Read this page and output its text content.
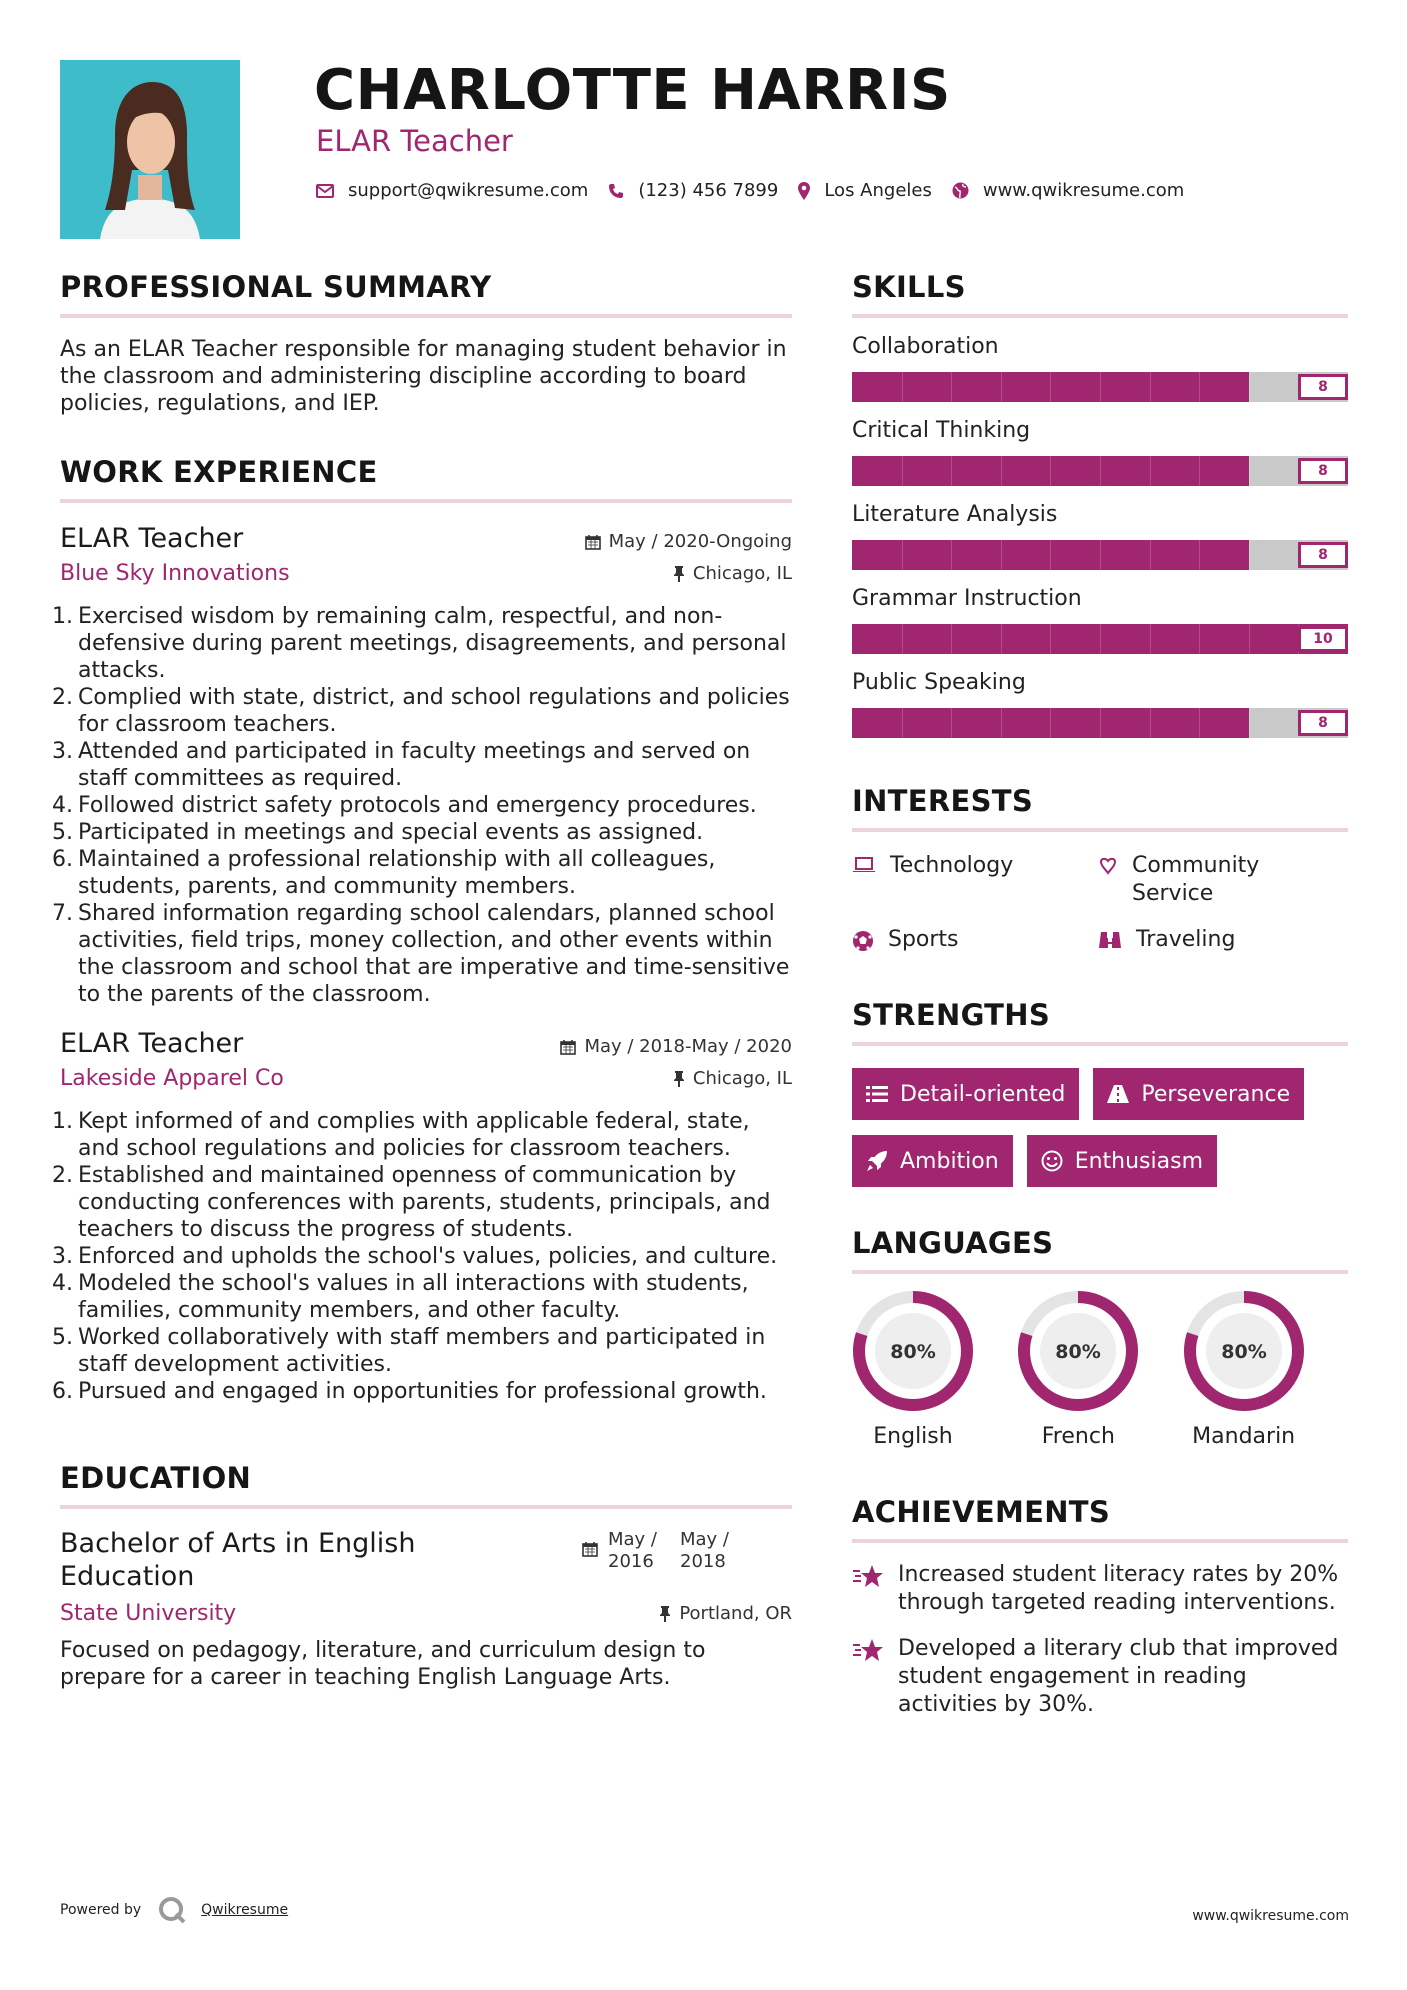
CHARLOTTE HARRIS
ELAR Teacher
support@qwikresume.com	(123) 456 7899	Los Angeles	www.qwikresume.com
PROFESSIONAL SUMMARY

As an ELAR Teacher responsible for managing student behavior in the classroom and administering discipline according to board policies, regulations, and IEP.

WORK EXPERIENCE
ELAR Teacher	May / 2020-Ongoing
Blue Sky Innovations	Chicago, IL
1. Exercised wisdom by remaining calm, respectful, and non-defensive during parent meetings, disagreements, and personal attacks.
2. Complied with state, district, and school regulations and policies for classroom teachers.
3. Attended and participated in faculty meetings and served on staff committees as required.
4. Followed district safety protocols and emergency procedures.
5. Participated in meetings and special events as assigned.
6. Maintained a professional relationship with all colleagues, students, parents, and community members.
7. Shared information regarding school calendars, planned school activities, field trips, money collection, and other events within the classroom and school that are imperative and time-sensitive to the parents of the classroom.
ELAR Teacher	May / 2018-May / 2020
Lakeside Apparel Co	Chicago, IL
1. Kept informed of and complies with applicable federal, state, and school regulations and policies for classroom teachers.
2. Established and maintained openness of communication by conducting conferences with parents, students, principals, and teachers to discuss the progress of students.
3. Enforced and upholds the school's values, policies, and culture.
4. Modeled the school's values in all interactions with students, families, community members, and other faculty.
5. Worked collaboratively with staff members and participated in staff development activities.
6. Pursued and engaged in opportunities for professional growth.
EDUCATION
Bachelor of Arts in English Education
May / 2016
May / 2018
State University	Portland, OR

Focused on pedagogy, literature, and curriculum design to prepare for a career in teaching English Language Arts.

SKILLS
Collaboration
8
Critical Thinking
8
Literature Analysis
8
Grammar Instruction
10
Public Speaking
8
INTERESTS
Technology	Community Service
Sports	Traveling
STRENGTHS
Detail-oriented	Perseverance
Ambition	Enthusiasm
LANGUAGES
80%
English
80%
French
80%
Mandarin
ACHIEVEMENTS
Increased student literacy rates by 20% through targeted reading interventions.
Developed a literary club that improved student engagement in reading activities by 30%.
Powered by	Qwikresume	www.qwikresume.com
